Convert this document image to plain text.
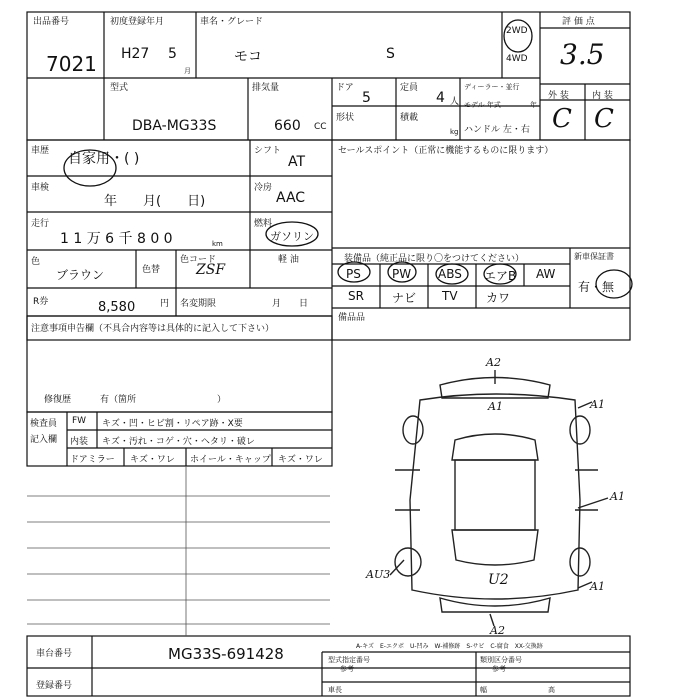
出品番号
7021
初度登録年月
H27 5
月
車名・グレード
モコ	S
2WD
4WD
評 価 点
3.5
型式
DBA-MG33S
排気量
660 CC
ドア
5
定員
4 人
形状	積載
kg
ディーラー・並行
モデル 年式	年
ハンドル 左・右
外 装	内 装
C C
車歴 自家用・( )	シフト
AT
車検
年　　月(　　日)
冷房
AAC
走行
1 1 万 6 千 8 0 0	km
燃料
ガソリン
軽 油
色
ブラウン	色替
色コード
ZSF
R券	8,580	円 名変期限	月　　日
セールスポイント（正常に機能するものに限ります）
装備品（純正品に限り〇をつけてください）	新車保証書
PS	PW ABS エアB AW
SR ナビ TV カワ
有・無
備品品
注意事項申告欄（不具合内容等は具体的に記入して下さい）
修復歴	有（箇所　　　　　　　　　）
検査員
記入欄
FW キズ・凹・ヒビ割・リペア跡・X要
内装 キズ・汚れ・コゲ・穴・ヘタリ・破レ
ドアミラー キズ・ワレ ホイール・キャップ キズ・ワレ
A2
A1	A1
A1
U2
AU3
A1
A2
A-キズ　E-エクボ　U-凹み　W-補修跡　S-サビ　C-腐食　XX-交換跡
車台番号	MG33S-691428
登録番号
型式指定番号
参考
類別区分番号
参考
車長	幅	高
